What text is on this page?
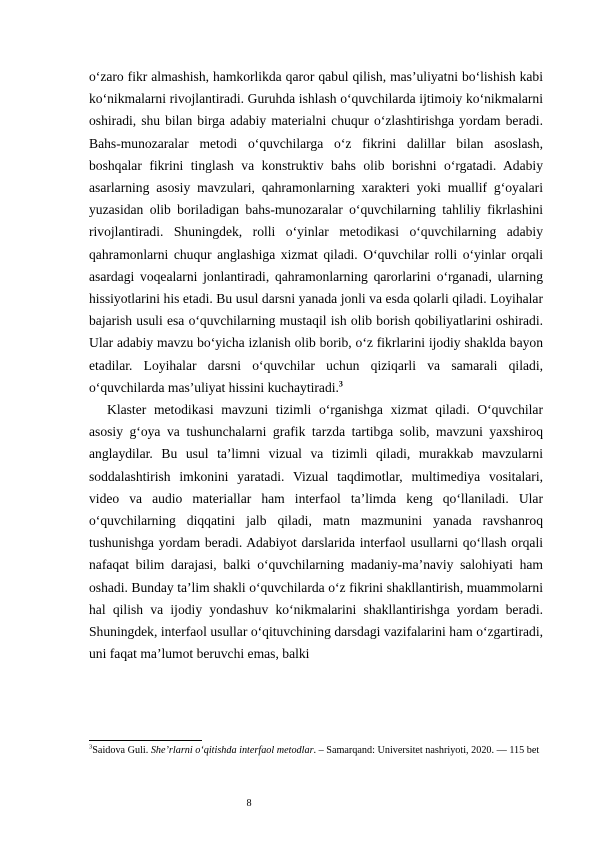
o‘zaro fikr almashish, hamkorlikda qaror qabul qilish, mas’uliyatni bo‘lishish kabi ko‘nikmalarni rivojlantiradi. Guruhda ishlash o‘quvchilarda ijtimoiy ko‘nikmalarni oshiradi, shu bilan birga adabiy materialni chuqur o‘zlashtirishga yordam beradi. Bahs-munozaralar metodi o‘quvchilarga o‘z fikrini dalillar bilan asoslash, boshqalar fikrini tinglash va konstruktiv bahs olib borishni o‘rgatadi. Adabiy asarlarning asosiy mavzulari, qahramonlarning xarakteri yoki muallif g‘oyalari yuzasidan olib boriladigan bahs-munozaralar o‘quvchilarning tahliliy fikrlashini rivojlantiradi. Shuningdek, rolli o‘yinlar metodikasi o‘quvchilarning adabiy qahramonlarni chuqur anglashiga xizmat qiladi. O‘quvchilar rolli o‘yinlar orqali asardagi voqealarni jonlantiradi, qahramonlarning qarorlarini o‘rganadi, ularning hissiyotlarini his etadi. Bu usul darsni yanada jonli va esda qolarli qiladi. Loyihalar bajarish usuli esa o‘quvchilarning mustaqil ish olib borish qobiliyatlarini oshiradi. Ular adabiy mavzu bo‘yicha izlanish olib borib, o‘z fikrlarini ijodiy shaklda bayon etadilar. Loyihalar darsni o‘quvchilar uchun qiziqarli va samarali qiladi, o‘quvchilarda mas’uliyat hissini kuchaytiradi.$^3$

Klaster metodikasi mavzuni tizimli o‘rganishga xizmat qiladi. O‘quvchilar asosiy g‘oya va tushunchalarni grafik tarzda tartibga solib, mavzuni yaxshiroq anglaydilar. Bu usul ta’limni vizual va tizimli qiladi, murakkab mavzularni soddalashtirish imkonini yaratadi. Vizual taqdimotlar, multimediya vositalari, video va audio materiallar ham interfaol ta’limda keng qo‘llaniladi. Ular o‘quvchilarning diqqatini jalb qiladi, matn mazmunini yanada ravshanroq tushunishga yordam beradi. Adabiyot darslarida interfaol usullarni qo‘llash orqali nafaqat bilim darajasi, balki o‘quvchilarning madaniy-ma’naviy salohiyati ham oshadi. Bunday ta’lim shakli o‘quvchilarda o‘z fikrini shakllantirish, muammolarni hal qilish va ijodiy yondashuv ko‘nikmalarini shakllantirishga yordam beradi. Shuningdek, interfaol usullar o‘qituvchining darsdagi vazifalarini ham o‘zgartiradi, uni faqat ma’lumot beruvchi emas, balki

$^3$Saidova Guli. She’rlarni o‘qitishda interfaol metodlar. – Samarqand: Universitet nashriyoti, 2020. — 115 bet
8
